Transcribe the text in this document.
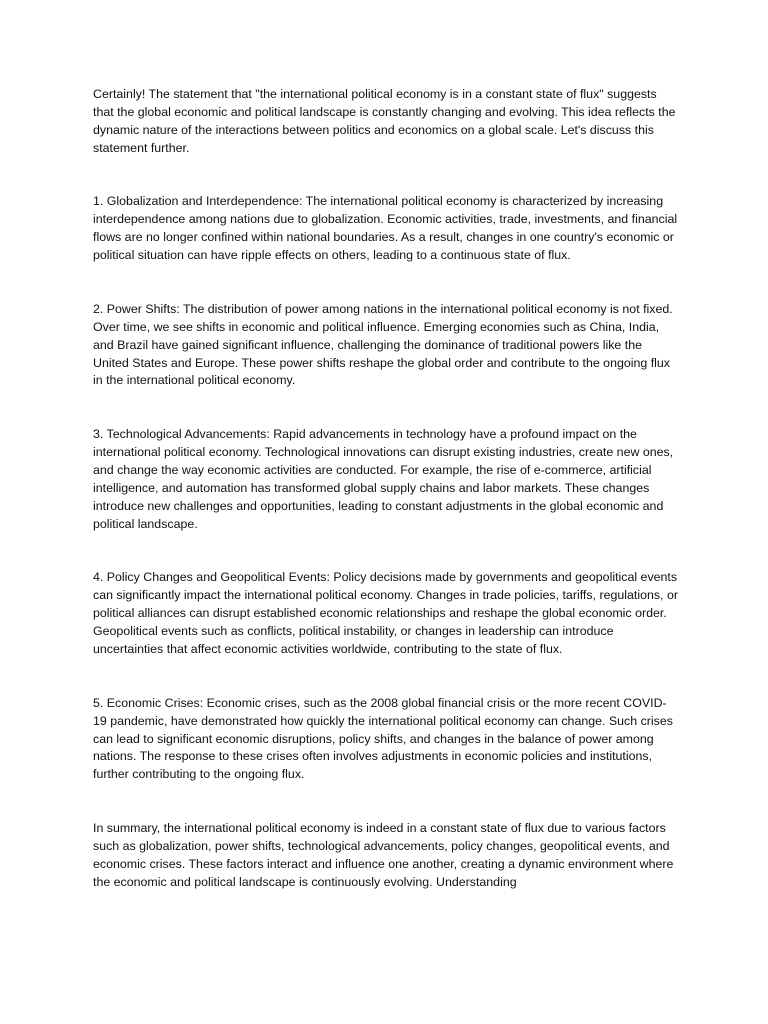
Certainly! The statement that "the international political economy is in a constant state of flux" suggests that the global economic and political landscape is constantly changing and evolving. This idea reflects the dynamic nature of the interactions between politics and economics on a global scale. Let's discuss this statement further.

1. Globalization and Interdependence: The international political economy is characterized by increasing interdependence among nations due to globalization. Economic activities, trade, investments, and financial flows are no longer confined within national boundaries. As a result, changes in one country's economic or political situation can have ripple effects on others, leading to a continuous state of flux.

2. Power Shifts: The distribution of power among nations in the international political economy is not fixed. Over time, we see shifts in economic and political influence. Emerging economies such as China, India, and Brazil have gained significant influence, challenging the dominance of traditional powers like the United States and Europe. These power shifts reshape the global order and contribute to the ongoing flux in the international political economy.

3. Technological Advancements: Rapid advancements in technology have a profound impact on the international political economy. Technological innovations can disrupt existing industries, create new ones, and change the way economic activities are conducted. For example, the rise of e-commerce, artificial intelligence, and automation has transformed global supply chains and labor markets. These changes introduce new challenges and opportunities, leading to constant adjustments in the global economic and political landscape.

4. Policy Changes and Geopolitical Events: Policy decisions made by governments and geopolitical events can significantly impact the international political economy. Changes in trade policies, tariffs, regulations, or political alliances can disrupt established economic relationships and reshape the global economic order. Geopolitical events such as conflicts, political instability, or changes in leadership can introduce uncertainties that affect economic activities worldwide, contributing to the state of flux.

5. Economic Crises: Economic crises, such as the 2008 global financial crisis or the more recent COVID-19 pandemic, have demonstrated how quickly the international political economy can change. Such crises can lead to significant economic disruptions, policy shifts, and changes in the balance of power among nations. The response to these crises often involves adjustments in economic policies and institutions, further contributing to the ongoing flux.

In summary, the international political economy is indeed in a constant state of flux due to various factors such as globalization, power shifts, technological advancements, policy changes, geopolitical events, and economic crises. These factors interact and influence one another, creating a dynamic environment where the economic and political landscape is continuously evolving. Understanding
